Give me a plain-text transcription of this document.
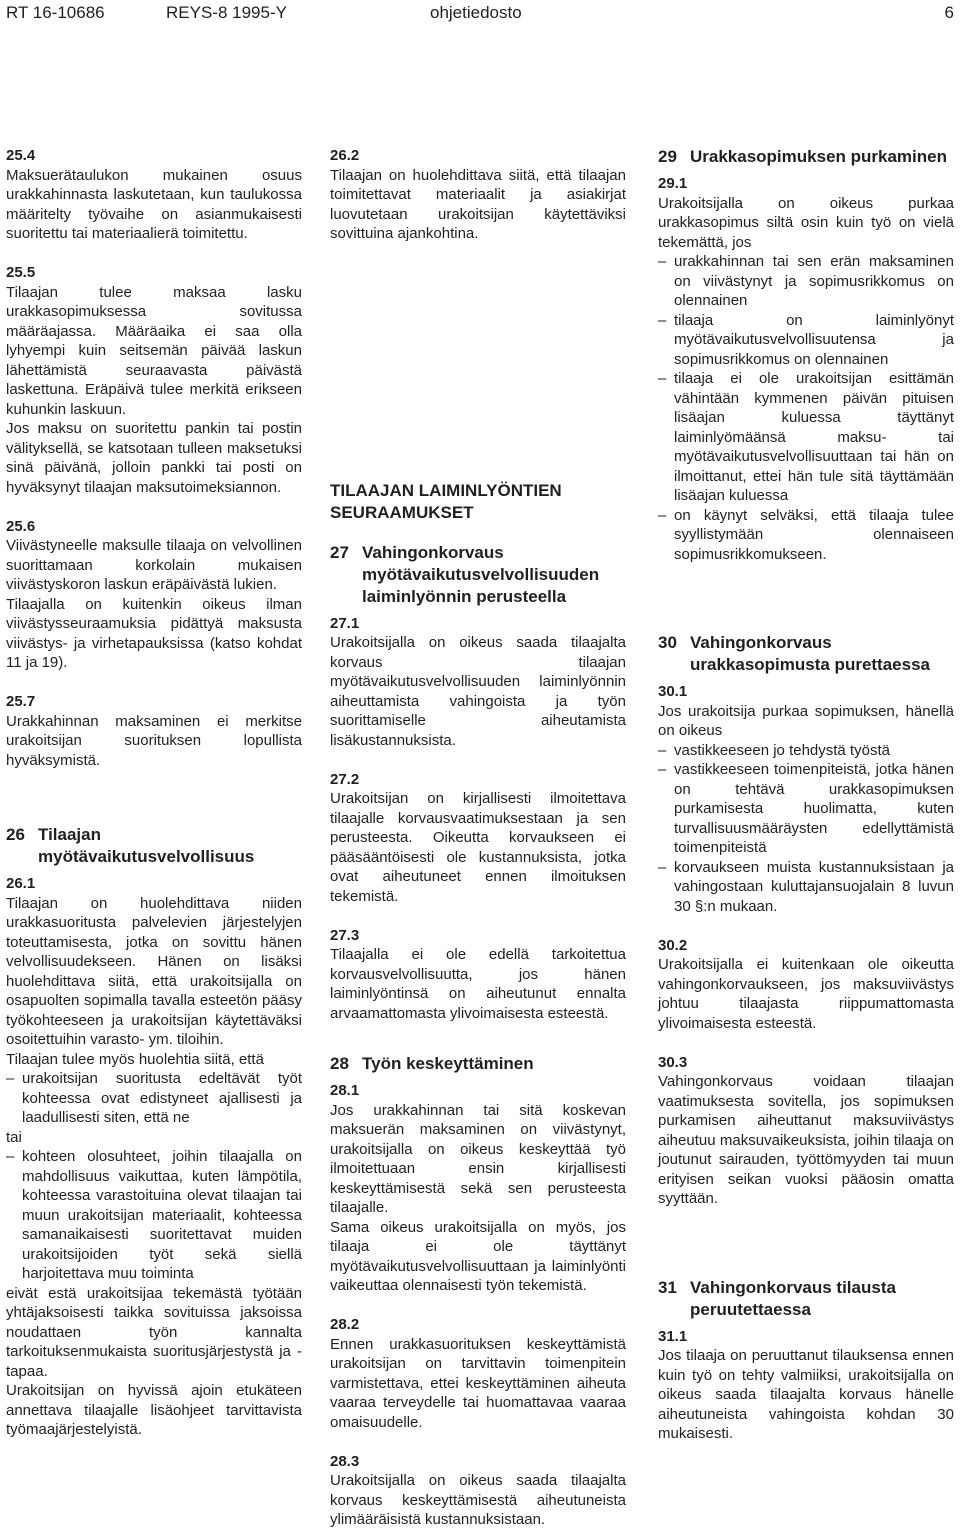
RT 16-10686	REYS-8 1995-Y	ohjetiedosto	6
25.4
Maksuerätaulukon mukainen osuus urakkahinnasta laskutetaan, kun taulukossa määritelty työvaihe on asianmukaisesti suoritettu tai materiaalierä toimitettu.
25.5
Tilaajan tulee maksaa lasku urakkasopimuksessa sovitussa määräajassa. Määräaika ei saa olla lyhyempi kuin seitsemän päivää laskun lähettämistä seuraavasta päivästä laskettuna. Eräpäivä tulee merkitä erikseen kuhunkin laskuun.
Jos maksu on suoritettu pankin tai postin välityksellä, se katsotaan tulleen maksetuksi sinä päivänä, jolloin pankki tai posti on hyväksynyt tilaajan maksutoimeksiannon.
25.6
Viivästyneelle maksulle tilaaja on velvollinen suorittamaan korkolain mukaisen viivästyskoron laskun eräpäivästä lukien.
Tilaajalla on kuitenkin oikeus ilman viivästysseuraamuksia pidättyä maksusta viivästys- ja virhetapauksissa (katso kohdat 11 ja 19).
25.7
Urakkahinnan maksaminen ei merkitse urakoitsijan suorituksen lopullista hyväksymistä.
26 Tilaajan myötävaikutusvelvollisuus
26.1
Tilaajan on huolehdittava niiden urakkasuoritusta palvelevien järjestelyjen toteuttamisesta, jotka on sovittu hänen velvollisuudekseen. Hänen on lisäksi huolehdittava siitä, että urakoitsijalla on osapuolten sopimalla tavalla esteetön pääsy työkohteeseen ja urakoitsijan käytettäväksi osoitettuihin varasto- ym. tiloihin.
Tilaajan tulee myös huolehtia siitä, että
– urakoitsijan suoritusta edeltävät työt kohteessa ovat edistyneet ajallisesti ja laadullisesti siten, että ne
tai
– kohteen olosuhteet, joihin tilaajalla on mahdollisuus vaikuttaa, kuten lämpötila, kohteessa varastoituina olevat tilaajan tai muun urakoitsijan materiaalit, kohteessa samanaikaisesti suoritettavat muiden urakoitsijoiden työt sekä siellä harjoitettava muu toiminta
eivät estä urakoitsijaa tekemästä työtään yhtäjaksoisesti taikka sovituissa jaksoissa noudattaen työn kannalta tarkoituksenmukaista suoritusjärjestystä ja -tapaa.
Urakoitsijan on hyvissä ajoin etukäteen annettava tilaajalle lisäohjeet tarvittavista työmaajärjestelyistä.
26.2
Tilaajan on huolehdittava siitä, että tilaajan toimitettavat materiaalit ja asiakirjat luovutetaan urakoitsijan käytettäviksi sovittuina ajankohtina.
TILAAJAN LAIMINLYÖNTIEN SEURAAMUKSET
27 Vahingonkorvaus myötävaikutusvelvollisuuden laiminlyönnin perusteella
27.1
Urakoitsijalla on oikeus saada tilaajalta korvaus tilaajan myötävaikutusvelvollisuuden laiminlyönnin aiheuttamista vahingoista ja työn suorittamiselle aiheutamista lisäkustannuksista.
27.2
Urakoitsijan on kirjallisesti ilmoitettava tilaajalle korvausvaatimuksestaan ja sen perusteesta. Oikeutta korvaukseen ei pääsääntöisesti ole kustannuksista, jotka ovat aiheutuneet ennen ilmoituksen tekemistä.
27.3
Tilaajalla ei ole edellä tarkoitettua korvausvelvollisuutta, jos hänen laiminlyöntinsä on aiheutunut ennalta arvaamattomasta ylivoimaisesta esteestä.
28 Työn keskeyttäminen
28.1
Jos urakkahinnan tai sitä koskevan maksuerän maksaminen on viivästynyt, urakoitsijalla on oikeus keskeyttää työ ilmoitettuaan ensin kirjallisesti keskeyttämisestä sekä sen perusteesta tilaajalle.
Sama oikeus urakoitsijalla on myös, jos tilaaja ei ole täyttänyt myötävaikutusvelvollisuuttaan ja laiminlyönti vaikeuttaa olennaisesti työn tekemistä.
28.2
Ennen urakkasuorituksen keskeyttämistä urakoitsijan on tarvittavin toimenpitein varmistettava, ettei keskeyttäminen aiheuta vaaraa terveydelle tai huomattavaa vaaraa omaisuudelle.
28.3
Urakoitsijalla on oikeus saada tilaajalta korvaus keskeyttämisestä aiheutuneista ylimääräisistä kustannuksistaan.
29 Urakkasopimuksen purkaminen
29.1
Urakoitsijalla on oikeus purkaa urakkasopimus siltä osin kuin työ on vielä tekemättä, jos
– urakkahinnan tai sen erän maksaminen on viivästynyt ja sopimusrikkomus on olennainen
– tilaaja on laiminlyönyt myötävaikutusvelvollisuutensa ja sopimusrikkomus on olennainen
– tilaaja ei ole urakoitsijan esittämän vähintään kymmenen päivän pituisen lisäajan kuluessa täyttänyt laiminlyömäänsä maksu- tai myötävaikutusvelvollisuuttaan tai hän on ilmoittanut, ettei hän tule sitä täyttämään lisäajan kuluessa
– on käynyt selväksi, että tilaaja tulee syyllistymään olennaiseen sopimusrikkomukseen.
30 Vahingonkorvaus urakkasopimusta purettaessa
30.1
Jos urakoitsija purkaa sopimuksen, hänellä on oikeus
– vastikkeeseen jo tehdystä työstä
– vastikkeeseen toimenpiteistä, jotka hänen on tehtävä urakkasopimuksen purkamisesta huolimatta, kuten turvallisuusmääräysten edellyttämistä toimenpiteistä
– korvaukseen muista kustannuksistaan ja vahingostaan kuluttajansuojalain 8 luvun 30 §:n mukaan.
30.2
Urakoitsijalla ei kuitenkaan ole oikeutta vahingonkorvaukseen, jos maksuviivästys johtuu tilaajasta riippumattomasta ylivoimaisesta esteestä.
30.3
Vahingonkorvaus voidaan tilaajan vaatimuksesta sovitella, jos sopimuksen purkamisen aiheuttanut maksuviivästys aiheutuu maksuvaikeuksista, joihin tilaaja on joutunut sairauden, työttömyyden tai muun erityisen seikan vuoksi pääosin omatta syyttään.
31 Vahingonkorvaus tilausta peruutettaessa
31.1
Jos tilaaja on peruuttanut tilauksensa ennen kuin työ on tehty valmiiksi, urakoitsijalla on oikeus saada tilaajalta korvaus hänelle aiheutuneista vahingoista kohdan 30 mukaisesti.
